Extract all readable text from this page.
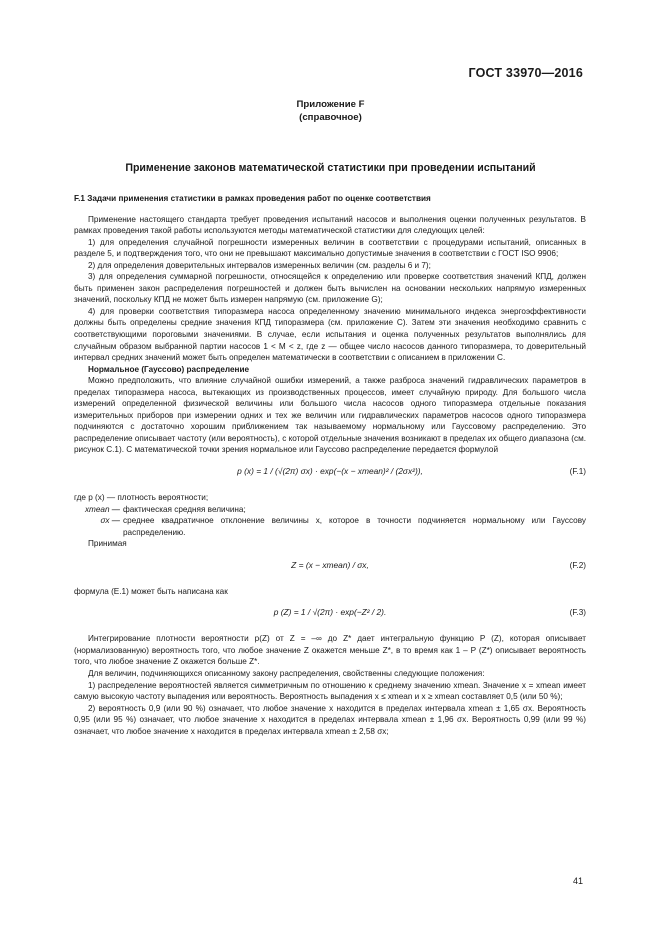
ГОСТ 33970—2016
Приложение F
(справочное)
Применение законов математической статистики при проведении испытаний

F.1 Задачи применения статистики в рамках проведения работ по оценке соответствия

Применение настоящего стандарта требует проведения испытаний насосов и выполнения оценки полученных результатов. В рамках проведения такой работы используются методы математической статистики для следующих целей:

1) для определения случайной погрешности измеренных величин в соответствии с процедурами испытаний, описанных в разделе 5, и подтверждения того, что они не превышают максимально допустимые значения в соответствии с ГОСТ ISO 9906;

2) для определения доверительных интервалов измеренных величин (см. разделы 6 и 7);

3) для определения суммарной погрешности, относящейся к определению или проверке соответствия значений КПД, должен быть применен закон распределения погрешностей и должен быть вычислен на основании нескольких напрямую измеренных значений, поскольку КПД не может быть измерен напрямую (см. приложение G);

4) для проверки соответствия типоразмера насоса определенному значению минимального индекса энергоэффективности должны быть определены средние значения КПД типоразмера (см. приложение С). Затем эти значения необходимо сравнить с соответствующими пороговыми значениями. В случае, если испытания и оценка полученных результатов выполнялись для случайным образом выбранной партии насосов 1 < M < z, где z — общее число насосов данного типоразмера, то доверительный интервал средних значений может быть определен математически в соответствии с описанием в приложении С.

Нормальное (Гауссово) распределение

Можно предположить, что влияние случайной ошибки измерений, а также разброса значений гидравлических параметров в пределах типоразмера насоса, вытекающих из производственных процессов, имеет случайную природу. Для большого числа измерений определенной физической величины или большого числа насосов одного типоразмера отдельные показания измерительных приборов при измерении одних и тех же величин или гидравлических параметров насосов одного типоразмера подчиняются с достаточно хорошим приближением так называемому нормальному или Гауссовому распределению. Это распределение описывает частоту (или вероятность), с которой отдельные значения возникают в пределах их общего диапазона (см. рисунок С.1). С математической точки зрения нормальное или Гауссово распределение передается формулой

p (x) = 1 / (√(2π) σx) · exp(−(x − xmean)² / (2σx²)),	(F.1)

где p (x) — плотность вероятности;

xmean — фактическая средняя величина;
σx — среднее квадратичное отклонение величины x, которое в точности подчиняется нормальному или Гауссову распределению.

Принимая

Z = (x − xmean) / σx,	(F.2)

формула (Е.1) может быть написана как

p (Z) = 1 / √(2π) · exp(−Z² / 2).	(F.3)

Интегрирование плотности вероятности p(Z) от Z = –∞ до Z* дает интегральную функцию P (Z), которая описывает (нормализованную) вероятность того, что любое значение Z окажется меньше Z*, в то время как 1 – P (Z*) описывает вероятность того, что любое значение Z окажется больше Z*.

Для величин, подчиняющихся описанному закону распределения, свойственны следующие положения:

1) распределение вероятностей является симметричным по отношению к среднему значению xmean. Значение x = xmean имеет самую высокую частоту выпадения или вероятность. Вероятность выпадения x ≤ xmean и x ≥ xmean составляет 0,5 (или 50 %);

2) вероятность 0,9 (или 90 %) означает, что любое значение x находится в пределах интервала xmean ± 1,65 σx. Вероятность 0,95 (или 95 %) означает, что любое значение x находится в пределах интервала xmean ± 1,96 σx. Вероятность 0,99 (или 99 %) означает, что любое значение x находится в пределах интервала xmean ± 2,58 σx;

41
